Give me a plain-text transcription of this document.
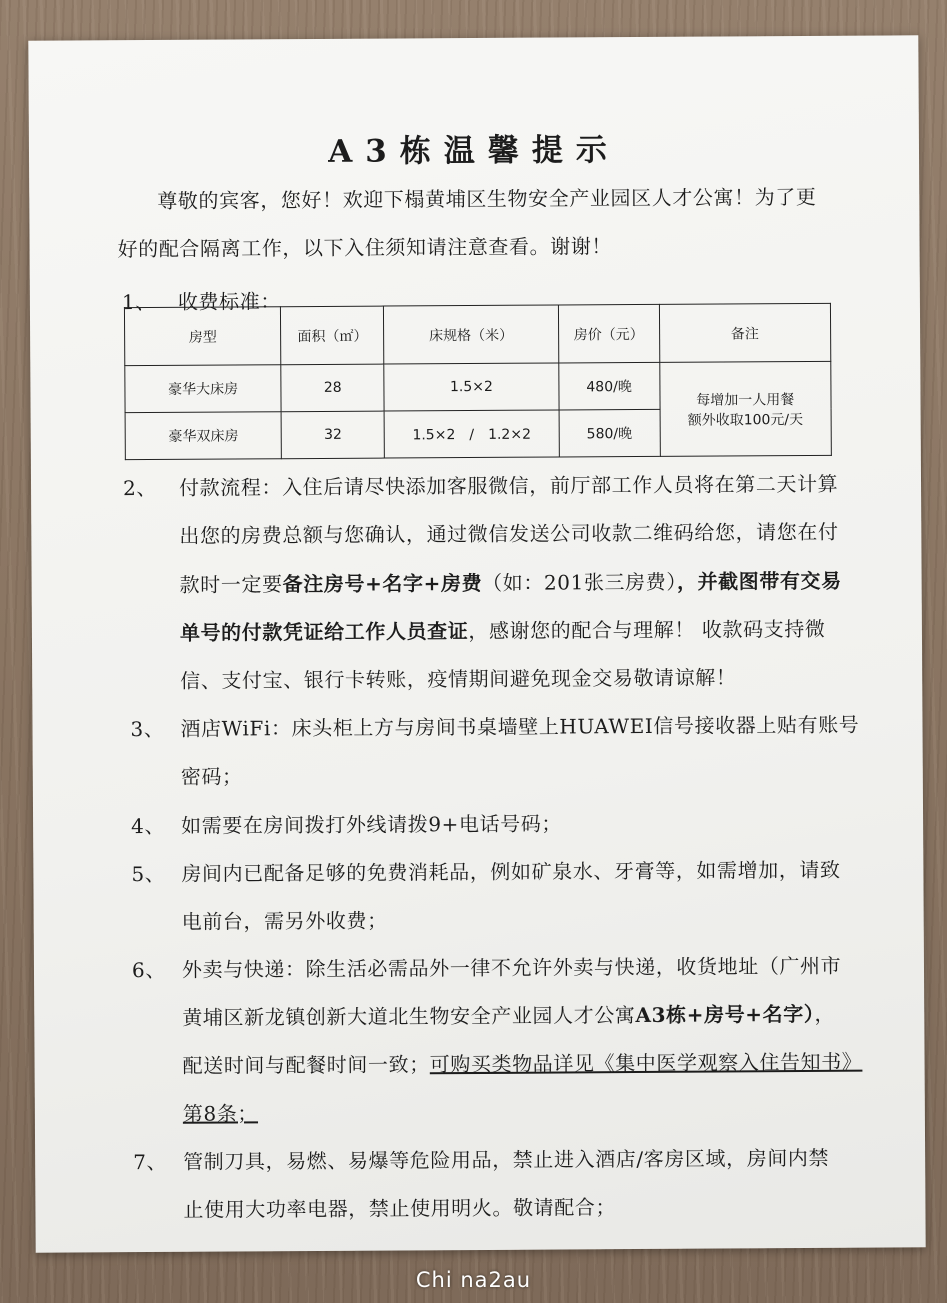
A3栋温馨提示
尊敬的宾客，您好！欢迎下榻黄埔区生物安全产业园区人才公寓！为了更
好的配合隔离工作，以下入住须知请注意查看。谢谢！
1、 收费标准：
房型	面积（㎡）	床规格（米）	房价（元）	备注
豪华大床房	28	1.5×2	480/晚	每增加一人用餐
额外收取100元/天

豪华双床房	32	1.5×2　/　1.2×2	580/晚	
2、 付款流程：入住后请尽快添加客服微信，前厅部工作人员将在第二天计算
出您的房费总额与您确认，通过微信发送公司收款二维码给您，请您在付
款时一定要备注房号+名字+房费（如：201张三房费），并截图带有交易
单号的付款凭证给工作人员查证，感谢您的配合与理解！ 收款码支持微
信、支付宝、银行卡转账，疫情期间避免现金交易敬请谅解！
3、 酒店WiFi：床头柜上方与房间书桌墙壁上HUAWEI信号接收器上贴有账号
密码；
4、 如需要在房间拨打外线请拨9+电话号码；
5、 房间内已配备足够的免费消耗品，例如矿泉水、牙膏等，如需增加，请致
电前台，需另外收费；
6、 外卖与快递：除生活必需品外一律不允许外卖与快递，收货地址（广州市
黄埔区新龙镇创新大道北生物安全产业园人才公寓A3栋+房号+名字），
配送时间与配餐时间一致；可购买类物品详见《集中医学观察入住告知书》
第8条；
7、 管制刀具，易燃、易爆等危险用品，禁止进入酒店/客房区域，房间内禁
止使用大功率电器，禁止使用明火。敬请配合；
Chi na2au
